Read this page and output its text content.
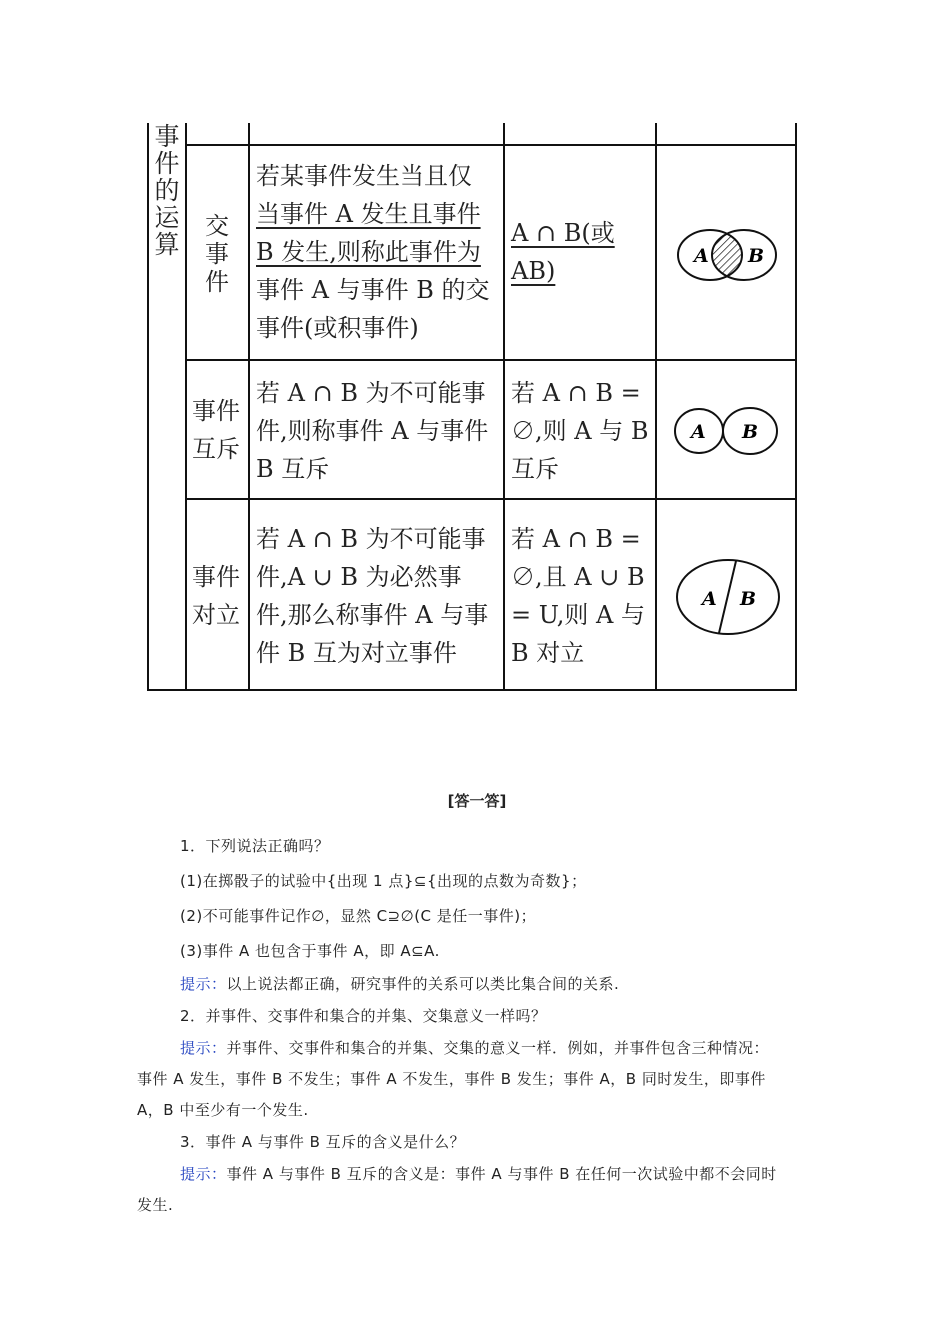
事
件
的
运
算
交
事
件
若某事件发生当且仅
当事件 A 发生且事件
B 发生,则称此事件为
事件 A 与事件 B 的交
事件(或积事件)
A ∩ B(或
AB)
A B
事件
互斥
若 A ∩ B 为不可能事
件,则称事件 A 与事件
B 互斥
若 A ∩ B =
∅,则 A 与 B
互斥
A B
事件
对立
若 A ∩ B 为不可能事
件,A ∪ B 为必然事
件,那么称事件 A 与事
件 B 互为对立事件
若 A ∩ B =
∅,且 A ∪ B
= U,则 A 与
B 对立
A B
[答一答]

1．下列说法正确吗？

(1)在掷骰子的试验中{出现 1 点}⊆{出现的点数为奇数}；

(2)不可能事件记作∅，显然 C⊇∅(C 是任一事件)；

(3)事件 A 也包含于事件 A，即 A⊆A.

提示：以上说法都正确，研究事件的关系可以类比集合间的关系.

2．并事件、交事件和集合的并集、交集意义一样吗？

提示：并事件、交事件和集合的并集、交集的意义一样．例如，并事件包含三种情况：

事件 A 发生，事件 B 不发生；事件 A 不发生，事件 B 发生；事件 A，B 同时发生，即事件

A，B 中至少有一个发生.

3．事件 A 与事件 B 互斥的含义是什么？

提示：事件 A 与事件 B 互斥的含义是：事件 A 与事件 B 在任何一次试验中都不会同时

发生.
